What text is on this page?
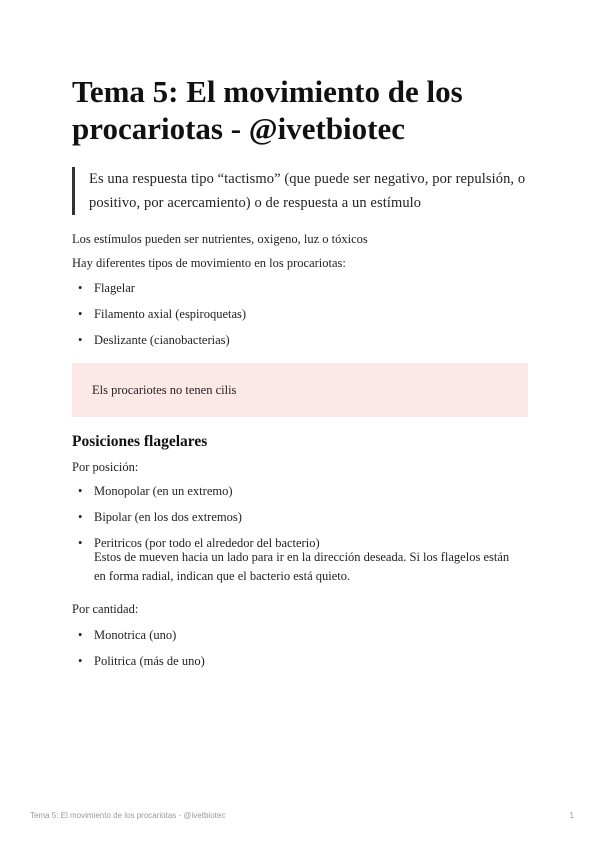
Tema 5: El movimiento de los procariotas - @ivetbiotec
Es una respuesta tipo “tactismo” (que puede ser negativo, por repulsión, o positivo, por acercamiento) o de respuesta a un estímulo
Los estímulos pueden ser nutrientes, oxigeno, luz o tóxicos
Hay diferentes tipos de movimiento en los procariotas:
• Flagelar
• Filamento axial (espiroquetas)
• Deslizante (cianobacterias)
Els procariotes no tenen cilis
Posiciones flagelares
Por posición:
• Monopolar (en un extremo)
• Bipolar (en los dos extremos)
• Peritricos (por todo el alrededor del bacterio)
Estos de mueven hacia un lado para ir en la dirección deseada. Si los flagelos están en forma radial, indican que el bacterio está quieto.
Por cantidad:
• Monotrica (uno)
• Politrica (más de uno)
Tema 5: El movimiento de los procariotas - @ivetbiotec	1
